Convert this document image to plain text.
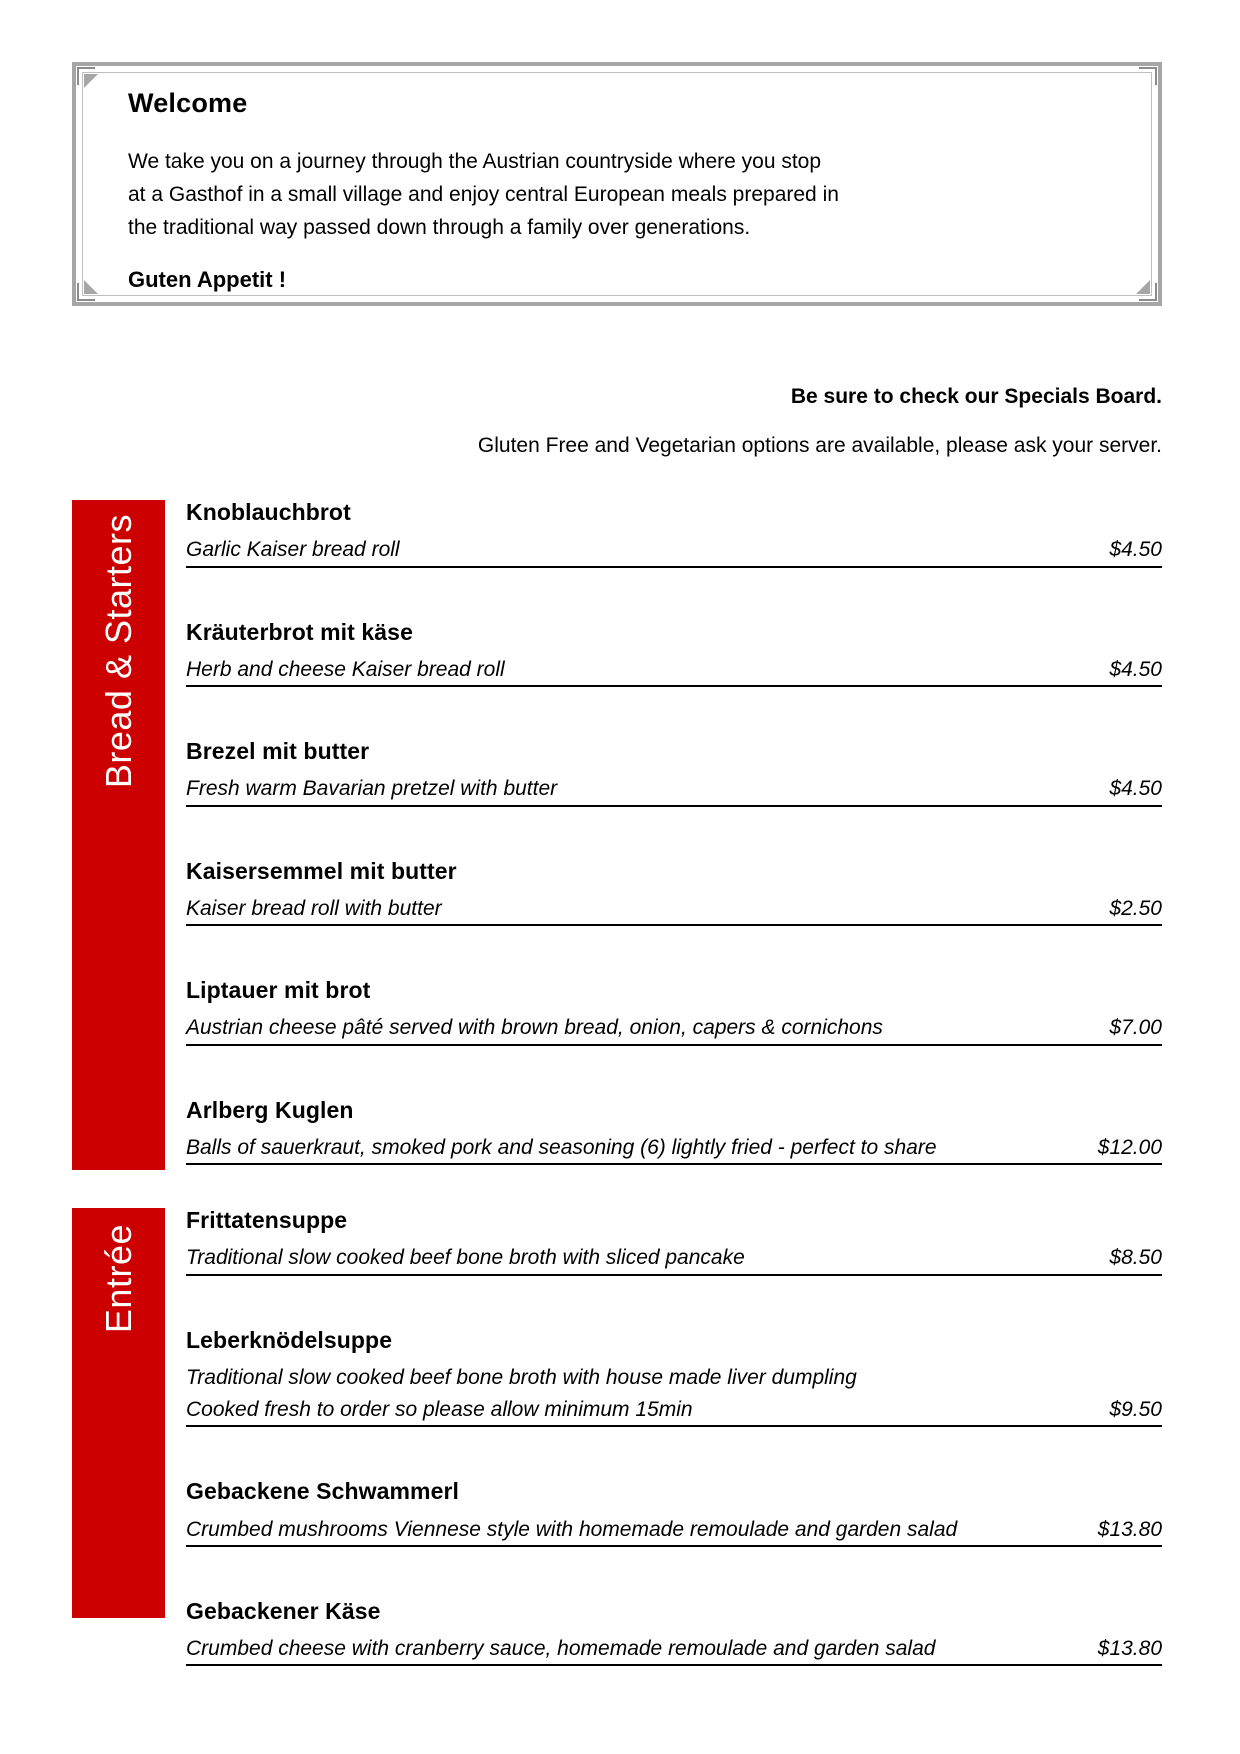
Welcome
We take you on a journey through the Austrian countryside where you stop
at a Gasthof in a small village and enjoy central European meals prepared in
the traditional way passed down through a family over generations.
Guten Appetit !
Be sure to check our Specials Board.
Gluten Free and Vegetarian options are available, please ask your server.
Bread & Starters
Knoblauchbrot
Garlic Kaiser bread roll	$4.50
Kräuterbrot mit käse
Herb and cheese Kaiser bread roll	$4.50
Brezel mit butter
Fresh warm Bavarian pretzel with butter	$4.50
Kaisersemmel mit butter
Kaiser bread roll with butter	$2.50
Liptauer mit brot
Austrian cheese pâté served with brown bread, onion, capers & cornichons	$7.00
Arlberg Kuglen
Balls of sauerkraut, smoked pork and seasoning (6) lightly fried - perfect to share	$12.00
Entrée
Frittatensuppe
Traditional slow cooked beef bone broth with sliced pancake	$8.50
Leberknödelsuppe
Traditional slow cooked beef bone broth with house made liver dumpling
Cooked fresh to order so please allow minimum 15min	$9.50
Gebackene Schwammerl
Crumbed mushrooms Viennese style with homemade remoulade and garden salad	$13.80
Gebackener Käse
Crumbed cheese with cranberry sauce, homemade remoulade and garden salad	$13.80
